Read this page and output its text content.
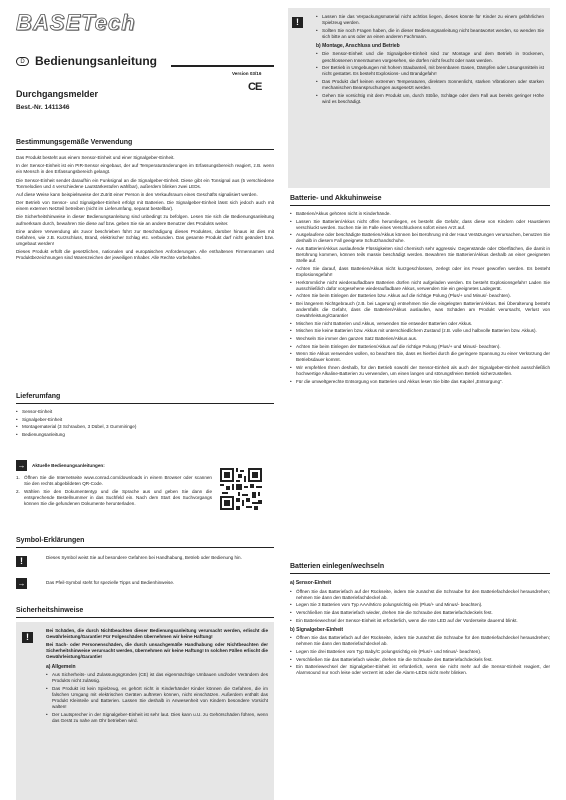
BASETech
D Bedienungsanleitung
Version 03/16
CE
Durchgangsmelder
Best.-Nr. 1411346
Bestimmungsgemäße Verwendung

Das Produkt besteht aus einem Sensor-Einheit und einer Signalgeber-Einheit.

In der Sensor-Einheit ist ein PIR-Sensor eingebaut, der auf Temperaturänderungen im Erfassungsbereich reagiert, z.B. wenn ein Mensch in den Erfassungsbereich gelangt.

Die Sensor-Einheit sendet daraufhin ein Funksignal an die Signalgeber-Einheit. Diese gibt ein Tonsignal aus (5 verschiedene Tonmelodien und 4 verschiedene Lautstärkestufen wählbar), außerdem blinken zwei LEDs.

Auf diese Weise kann beispielsweise der Zutritt einer Person in den Verkaufsraum eines Geschäfts signalisiert werden.

Der Betrieb von Sensor- und Signalgeber-Einheit erfolgt mit Batterien. Die Signalgeber-Einheit lässt sich jedoch auch mit einem externen Netzteil betreiben (nicht im Lieferumfang, separat bestellbar).

Die Sicherheitshinweise in dieser Bedienungsanleitung sind unbedingt zu befolgen. Lesen Sie sich die Bedienungsanleitung aufmerksam durch, bewahren Sie diese auf bzw. geben Sie sie an andere Benutzer des Produkts weiter.

Eine andere Verwendung als zuvor beschrieben führt zur Beschädigung dieses Produktes, darüber hinaus ist dies mit Gefahren, wie z.B. Kurzschluss, Brand, elektrischer Schlag etc. verbunden. Das gesamte Produkt darf nicht geändert bzw. umgebaut werden!

Dieses Produkt erfüllt die gesetzlichen, nationalen und europäischen Anforderungen. Alle enthaltenen Firmennamen und Produktbezeichnungen sind Warenzeichen der jeweiligen Inhaber. Alle Rechte vorbehalten.

Lieferumfang
• Sensor-Einheit
• Signalgeber-Einheit
• Montagematerial (3 Schrauben, 3 Dübel, 3 Gummiringe)
• Bedienungsanleitung
→	Aktuelle Bedienungsanleitungen:
1. Öffnen Sie die Internetseite www.conrad.com/downloads in einem Browser oder scannen Sie den rechts abgebildeten QR-Code.
2. Wählen Sie den Dokumententyp und die Sprache aus und geben Sie dann die entsprechende Bestellnummer in das Suchfeld ein. Nach dem Start des Suchvorgangs können Sie die gefundenen Dokumente herunterladen.
Symbol-Erklärungen
!	Dieses Symbol weist Sie auf besondere Gefahren bei Handhabung, Betrieb oder Bedienung hin.
→	Das Pfeil-Symbol steht für spezielle Tipps und Bedienhinweise.
Sicherheitshinweise
!

Bei Schäden, die durch Nichtbeachten dieser Bedienungsanleitung verursacht werden, erlischt die Gewährleistung/Garantie! Für Folgeschäden übernehmen wir keine Haftung!

Bei Sach- oder Personenschäden, die durch unsachgemäße Handhabung oder Nichtbeachten der Sicherheitshinweise verursacht werden, übernehmen wir keine Haftung! In solchen Fällen erlischt die Gewährleistung/Garantie!

a) Allgemein
• Aus Sicherheits- und Zulassungsgründen (CE) ist das eigenmächtige Umbauen und/oder Verändern des Produkts nicht zulässig.
• Das Produkt ist kein Spielzeug, es gehört nicht in Kinderhände! Kinder können die Gefahren, die im falschen Umgang mit elektrischen Geräten auftreten können, nicht einschätzen. Außerdem enthält das Produkt Kleinteile und Batterien. Lassen Sie deshalb in Anwesenheit von Kindern besondere Vorsicht walten!
• Der Lautsprecher in der Signalgeber-Einheit ist sehr laut. Dies kann u.U. zu Gehörschäden führen, wenn das Gerät zu nahe am Ohr betrieben wird.
!
• Lassen Sie das Verpackungsmaterial nicht achtlos liegen, dieses könnte für Kinder zu einem gefährlichen Spielzeug werden.
• Sollten Sie noch Fragen haben, die in dieser Bedienungsanleitung nicht beantwortet werden, so wenden Sie sich bitte an uns oder an einen anderen Fachmann.
b) Montage, Anschluss und Betrieb
• Die Sensor-Einheit und die Signalgeber-Einheit sind zur Montage und dem Betrieb in trockenen, geschlossenen Innenräumen vorgesehen, sie dürfen nicht feucht oder nass werden.
• Der Betrieb in Umgebungen mit hohem Staubanteil, mit brennbaren Gasen, Dämpfen oder Lösungsmitteln ist nicht gestattet. Es besteht Explosions- und Brandgefahr!
• Das Produkt darf keinen extremen Temperaturen, direktem Sonnenlicht, starken Vibrationen oder starken mechanischen Beanspruchungen ausgesetzt werden.
• Gehen Sie vorsichtig mit dem Produkt um, durch Stöße, Schläge oder dem Fall aus bereits geringer Höhe wird es beschädigt.
Batterie- und Akkuhinweise
• Batterien/Akkus gehören nicht in Kinderhände.
• Lassen Sie Batterien/Akkus nicht offen herumliegen, es besteht die Gefahr, dass diese von Kindern oder Haustieren verschluckt werden. Suchen Sie im Falle eines Verschluckens sofort einen Arzt auf.
• Ausgelaufene oder beschädigte Batterien/Akkus können bei Berührung mit der Haut Verätzungen verursachen, benutzen Sie deshalb in diesem Fall geeignete Schutzhandschuhe.
• Aus Batterien/Akkus auslaufende Flüssigkeiten sind chemisch sehr aggressiv. Gegenstände oder Oberflächen, die damit in Berührung kommen, können teils massiv beschädigt werden. Bewahren Sie Batterien/Akkus deshalb an einer geeigneten Stelle auf.
• Achten Sie darauf, dass Batterien/Akkus nicht kurzgeschlossen, zerlegt oder ins Feuer geworfen werden. Es besteht Explosionsgefahr!
• Herkömmliche nicht wiederaufladbare Batterien dürfen nicht aufgeladen werden. Es besteht Explosionsgefahr! Laden Sie ausschließlich dafür vorgesehene wiederaufladbare Akkus, verwenden Sie ein geeignetes Ladegerät.
• Achten Sie beim Einlegen der Batterien bzw. Akkus auf die richtige Polung (Plus/+ und Minus/- beachten).
• Bei längerem Nichtgebrauch (z.B. bei Lagerung) entnehmen Sie die eingelegten Batterien/Akkus. Bei Überalterung besteht andernfalls die Gefahr, dass die Batterien/Akkus auslaufen, was Schäden am Produkt verursacht, Verlust von Gewährleistung/Garantie!
• Mischen Sie nicht Batterien und Akkus, verwenden Sie entweder Batterien oder Akkus.
• Mischen Sie keine Batterien bzw. Akkus mit unterschiedlichem Zustand (z.B. volle und halbvolle Batterien bzw. Akkus).
• Wechseln Sie immer den ganzen Satz Batterien/Akkus aus.
• Achten Sie beim Einlegen der Batterien/Akkus auf die richtige Polung (Plus/+ und Minus/- beachten).
• Wenn Sie Akkus verwenden wollen, so beachten Sie, dass es hierbei durch die geringere Spannung zu einer Verkürzung der Betriebsdauer kommt.
• Wir empfehlen Ihnen deshalb, für den Betrieb sowohl der Sensor-Einheit als auch der Signalgeber-Einheit ausschließlich hochwertige Alkaline-Batterien zu verwenden, um einen langen und störungsfreien Betrieb sicherzustellen.
• Für die umweltgerechte Entsorgung von Batterien und Akkus lesen Sie bitte das Kapitel „Entsorgung“.
Batterien einlegen/wechseln
a) Sensor-Einheit
• Öffnen Sie das Batteriefach auf der Rückseite, indem Sie zunächst die Schraube für den Batteriefachdeckel herausdrehen; nehmen Sie dann den Batteriefachdeckel ab.
• Legen Sie 3 Batterien vom Typ AAA/Micro polungsrichtig ein (Plus/+ und Minus/- beachten).
• Verschließen Sie das Batteriefach wieder, drehen Sie die Schraube des Batteriefachdeckels fest.
• Ein Batteriewechsel der Sensor-Einheit ist erforderlich, wenn die rote LED auf der Vorderseite dauernd blinkt.
b) Signalgeber-Einheit
• Öffnen Sie das Batteriefach auf der Rückseite, indem Sie zunächst die Schraube für den Batteriefachdeckel herausdrehen; nehmen Sie dann den Batteriefachdeckel ab.
• Legen Sie drei Batterien vom Typ Baby/C polungsrichtig ein (Plus/+ und Minus/- beachten).
• Verschließen Sie das Batteriefach wieder, drehen Sie die Schraube des Batteriefachdeckels fest.
• Ein Batteriewechsel der Signalgeber-Einheit ist erforderlich, wenn sie nicht mehr auf die Sensor-Einheit reagiert, der Alarmsound nur noch leise oder verzerrt ist oder die Alarm-LEDs nicht mehr blinken.
